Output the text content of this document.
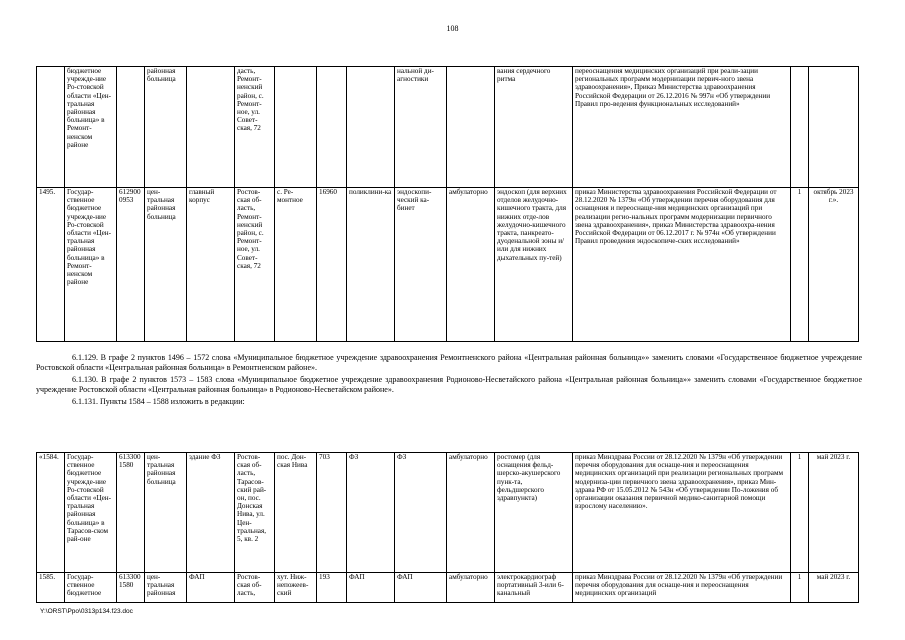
108
	бюджетное учрежде-ние Ро-стовской области «Цен-тральная районная больница» в Ремонт-ненском районе		районная больница		дасть, Ремонт-ненский район, с. Ремонт-ное, ул. Совет-ская, 72				нальной ди-агностики		вания сердечного ритма	переоснащения медицинских организаций при реали-зации региональных программ модернизации первич-ного звена здравоохранения», Приказ Министерства здравоохранения Российской Федерации от 26.12.2016 № 997н «Об утверждении Правил про-ведения функциональных исследований»		
1495.	Государ-ственное бюджетное учрежде-ние Ро-стовской области «Цен-тральная районная больница» в Ремонт-ненском районе	612900 0953	цен-тральная районная больница	главный корпус	Ростов-ская об-ласть, Ремонт-ненский район, с. Ремонт-ное, ул. Совет-ская, 72	с. Ре-монтное	16960	поликлини-ка	эндоскопи-ческий ка-бинет	амбулаторно	эндоскоп (для верхних отделов желудочно-кишечного тракта, для нижних отде-лов желудочно-кишечного тракта, панкреато-дуоденальной зоны и/или для нижних дыхательных пу-тей)	приказ Министерства здравоохранения Российской Федерации от 28.12.2020 № 1379н «Об утверждении перечня оборудования для оснащения и переоснаще-ния медицинских организаций при реализации регио-нальных программ модернизации первичного звена здравоохранения», приказ Министерства здравоохра-нения Российской Федерации от 06.12.2017 г. № 974н «Об утверждении Правил проведения эндоскопиче-ских исследований»	1	октябрь 2023 г.».
6.1.129. В графе 2 пунктов 1496 – 1572 слова «Муниципальное бюджетное учреждение здравоохранения Ремонтненского района «Центральная районная больница»» заменить словами «Государственное бюджетное учреждение Ростовской области «Центральная районная больница» в Ремонтненском районе».
6.1.130. В графе 2 пунктов 1573 – 1583 слова «Муниципальное бюджетное учреждение здравоохранения Родионово-Несветайского района «Центральная районная больница»» заменить словами «Государственное бюджетное учреждение Ростовской области «Центральная районная больница» в Родионово-Несветайском районе».
6.1.131. Пункты 1584 – 1588 изложить в редакции:
«1584.	Государ-ственное бюджетное учрежде-ние Ро-стовской области «Цен-тральная районная больница» в Тарасов-ском рай-оне	613300 1580	цен-тральная районная больница	здание ФЗ	Ростов-ская об-ласть, Тарасов-ский рай-он, пос. Донская Нива, ул. Цен-тральная, 5, кв. 2	пос. Дон-ская Нива	703	ФЗ	ФЗ	амбулаторно	ростомер (для оснащения фельд-шерско-акушерского пунк-та, фельдшерского здравпункта)	приказ Минздрава России от 28.12.2020 № 1379н «Об утверждении перечня оборудования для оснаще-ния и переоснащения медицинских организаций при реализации региональных программ модерниза-ции первичного звена здравоохранения», приказ Мин-здрава РФ от 15.05.2012 № 543н «Об утверждении По-ложения об организации оказания первичной медико-санитарной помощи взрослому населению».	1	май 2023 г.
1585.	Государ-ственное бюджетное	613300 1580	цен-тральная районная	ФАП	Ростов-ская об-ласть,	хут. Ниж-непожеев-ский	193	ФАП	ФАП	амбулаторно	электрокардиограф портативный 3-или 6-канальный	приказ Минздрава России от 28.12.2020 № 1379н «Об утверждении перечня оборудования для оснаще-ния и переоснащения медицинских организаций	1	май 2023 г.
Y:\ORST\Ppo\0313p134.f23.doc
